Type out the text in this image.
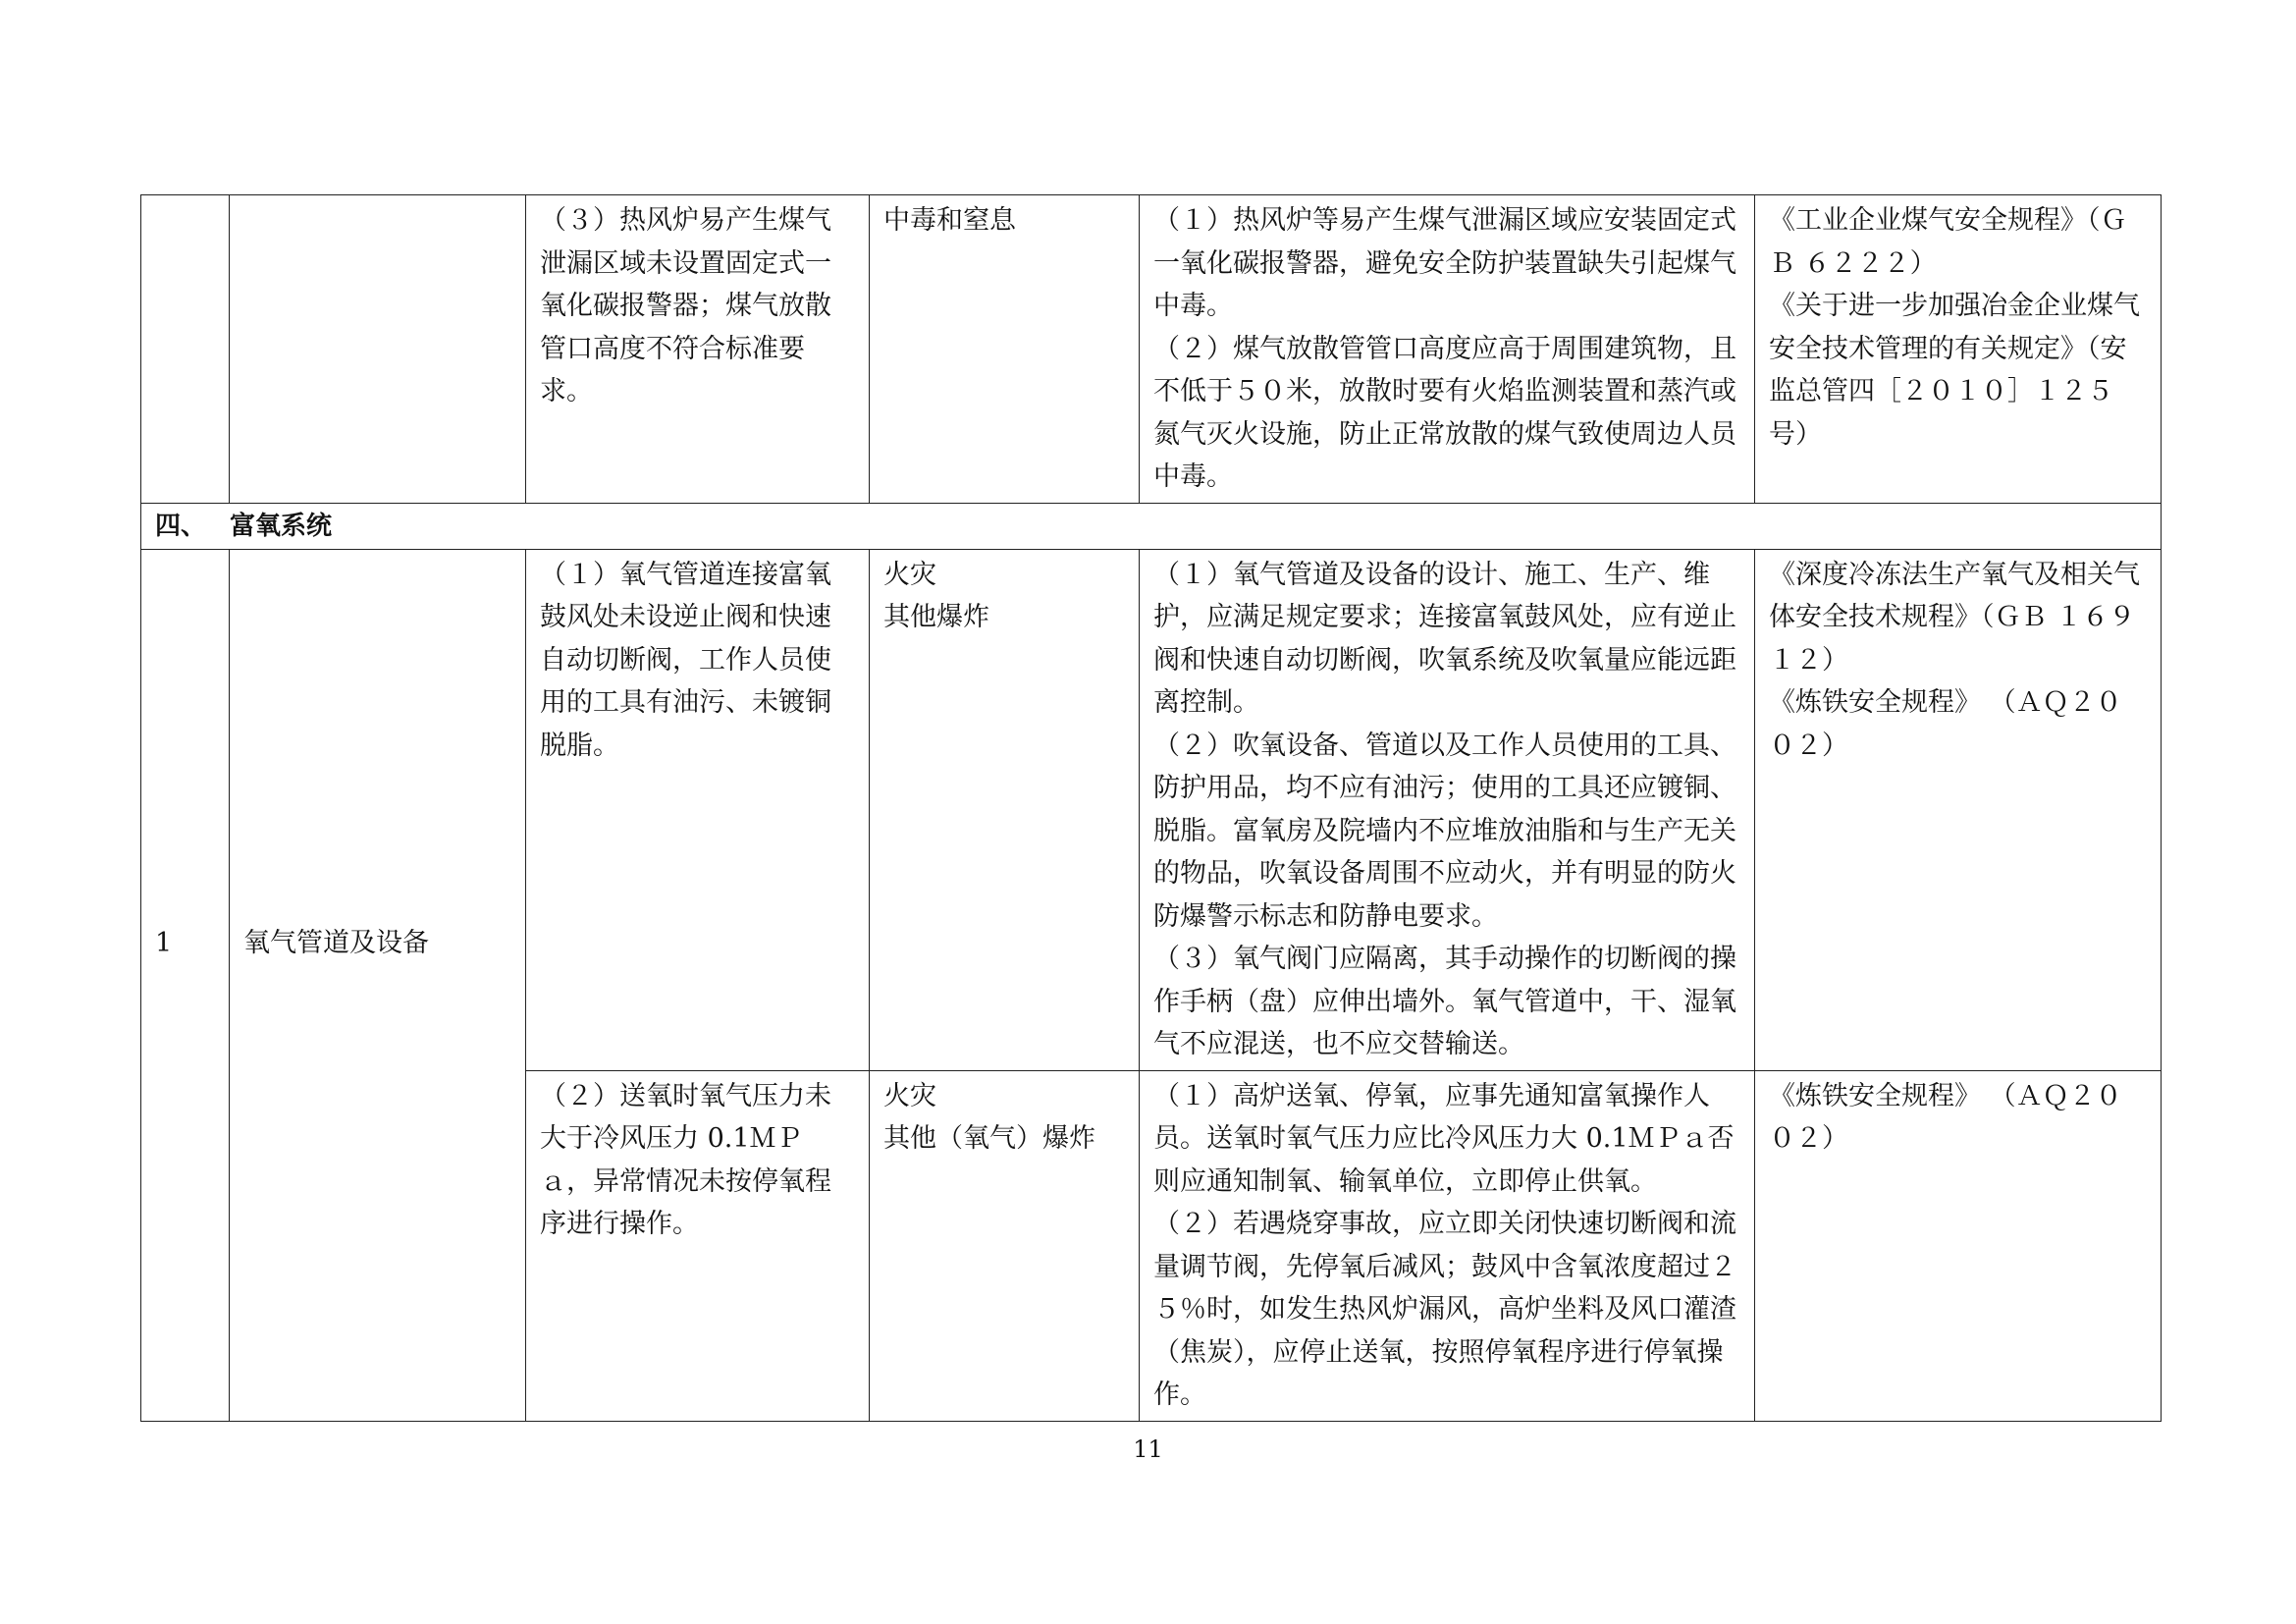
		（３）热风炉易产生煤气泄漏区域未设置固定式一 氧化碳报警器；煤气放散管口高度不符合标准要求。	中毒和窒息	（１）热风炉等易产生煤气泄漏区域应安装固定式一氧化碳报警器，避免安全防护装置缺失引起煤气中毒。
（２）煤气放散管管口高度应高于周围建筑物，且不低于５０米，放散时要有火焰监测装置和蒸汽或氮气灭火设施，防止正常放散的煤气致使周边人员中毒。	《工业企业煤气安全规程》（ＧＢ ６２２２）
《关于进一步加强冶金企业煤气安全技术管理的有关规定》（安监总管四［２０１０］１２５ 号）

四、 富氧系统					
1	氧气管道及设备	（１）氧气管道连接富氧鼓风处未设逆止阀和快速自动切断阀，工作人员使用的工具有油污、未镀铜脱脂。	火灾
其他爆炸	（１）氧气管道及设备的设计、施工、生产、维护，应满足规定要求；连接富氧鼓风处，应有逆止阀和快速自动切断阀，吹氧系统及吹氧量应能远距离控制。
（２）吹氧设备、管道以及工作人员使用的工具、防护用品，均不应有油污；使用的工具还应镀铜、脱脂。富氧房及院墙内不应堆放油脂和与生产无关的物品，吹氧设备周围不应动火，并有明显的防火防爆警示标志和防静电要求。
（３）氧气阀门应隔离，其手动操作的切断阀的操作手柄（盘）应伸出墙外。氧气管道中，干、湿氧气不应混送，也不应交替输送。	《深度冷冻法生产氧气及相关气体安全技术规程》（ＧＢ １６９１２）
《炼铁安全规程》 （ＡＱ２００２）

		（２）送氧时氧气压力未大于冷风压力 0.1ＭＰａ，异常情况未按停氧程序进行操作。	火灾
其他（氧气）爆炸	（１）高炉送氧、停氧，应事先通知富氧操作人员。送氧时氧气压力应比冷风压力大 0.1ＭＰａ否则应通知制氧、输氧单位，立即停止供氧。
（２）若遇烧穿事故，应立即关闭快速切断阀和流量调节阀，先停氧后减风；鼓风中含氧浓度超过２５％时，如发生热风炉漏风，高炉坐料及风口灌渣（焦炭），应停止送氧，按照停氧程序进行停氧操作。	《炼铁安全规程》 （ＡＱ２００２）
11
